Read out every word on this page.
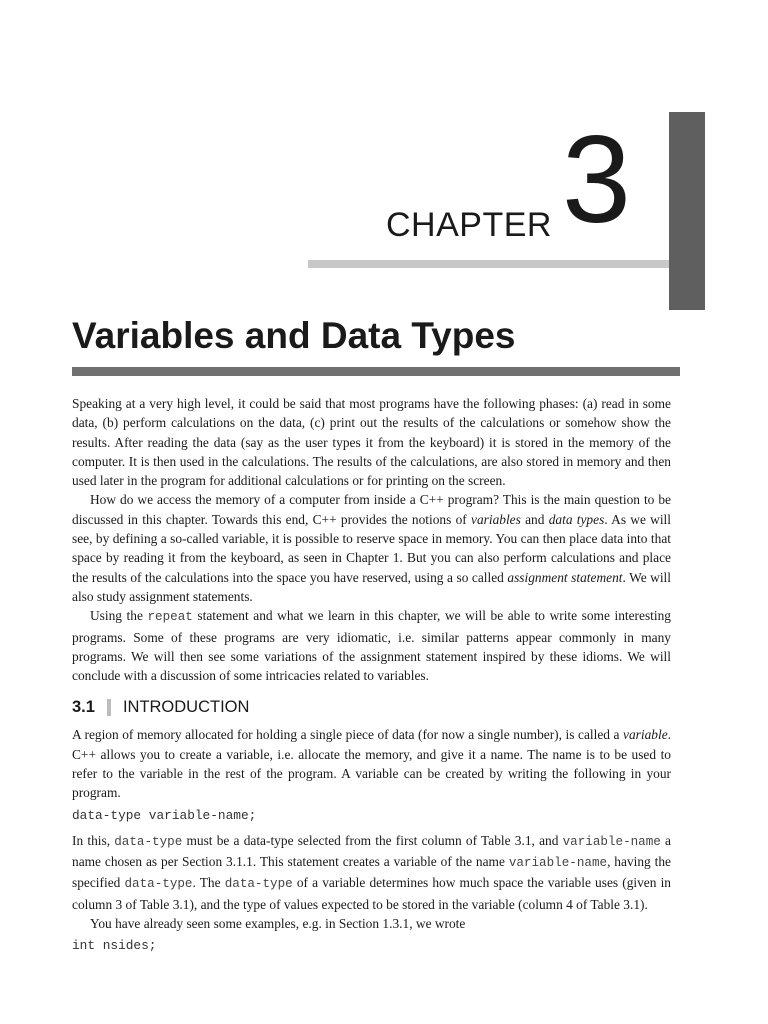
CHAPTER 3
Variables and Data Types

Speaking at a very high level, it could be said that most programs have the following phases: (a) read in some data, (b) perform calculations on the data, (c) print out the results of the calculations or somehow show the results. After reading the data (say as the user types it from the keyboard) it is stored in the memory of the computer. It is then used in the calculations. The results of the calculations, are also stored in memory and then used later in the program for additional calculations or for printing on the screen.

How do we access the memory of a computer from inside a C++ program? This is the main question to be discussed in this chapter. Towards this end, C++ provides the notions of variables and data types. As we will see, by defining a so-called variable, it is possible to reserve space in memory. You can then place data into that space by reading it from the keyboard, as seen in Chapter 1. But you can also perform calculations and place the results of the calculations into the space you have reserved, using a so called assignment statement. We will also study assignment statements.

Using the repeat statement and what we learn in this chapter, we will be able to write some interesting programs. Some of these programs are very idiomatic, i.e. similar patterns appear commonly in many programs. We will then see some variations of the assignment statement inspired by these idioms. We will conclude with a discussion of some intricacies related to variables.

3.1 INTRODUCTION

A region of memory allocated for holding a single piece of data (for now a single number), is called a variable. C++ allows you to create a variable, i.e. allocate the memory, and give it a name. The name is to be used to refer to the variable in the rest of the program. A variable can be created by writing the following in your program.

data-type variable-name;

In this, data-type must be a data-type selected from the first column of Table 3.1, and variable-name a name chosen as per Section 3.1.1. This statement creates a variable of the name variable-name, having the specified data-type. The data-type of a variable determines how much space the variable uses (given in column 3 of Table 3.1), and the type of values expected to be stored in the variable (column 4 of Table 3.1).

You have already seen some examples, e.g. in Section 1.3.1, we wrote

int nsides;
